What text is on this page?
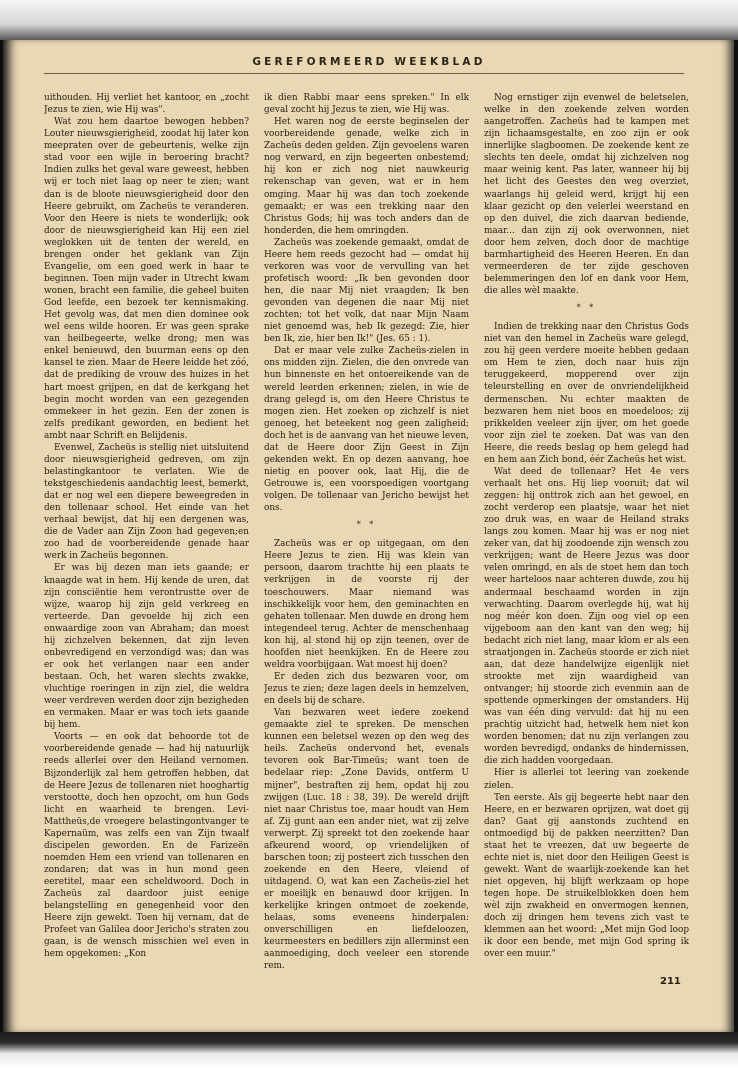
GEREFORMEERD WEEKBLAD

uithouden. Hij verliet het kantoor, en „zocht Jezus te zien, wie Hij was".

Wat zou hem daartoe bewogen hebben? Louter nieuwsgierigheid, zoodat hij later kon meepraten over de gebeurtenis, welke zijn stad voor een wijle in beroering bracht? Indien zulks het geval ware geweest, hebben wij er toch niet laag op neer te zien; want dan is de bloote nieuwsgierigheid door den Heere gebruikt, om Zacheüs te veranderen. Voor den Heere is niets te wonderlijk; ook door de nieuwsgierigheid kan Hij een ziel weglokken uit de tenten der wereld, en brengen onder het geklank van Zijn Evangelie, om een goed werk in haar te beginnen. Toen mijn vader in Utrecht kwam wonen, bracht een familie, die geheel buiten God leefde, een bezoek ter kennismaking. Het gevolg was, dat men dien dominee ook wel eens wilde hooren. Er was geen sprake van heilbegeerte, welke drong; men was enkel benieuwd, den buurman eens op den kansel te zien. Maar de Heere leidde het zóó, dat de prediking de vrouw des huizes in het hart moest grijpen, en dat de kerkgang het begin mocht worden van een gezegenden ommekeer in het gezin. Een der zonen is zelfs predikant geworden, en bedient het ambt naar Schrift en Belijdenis.

Evenwel, Zacheüs is stellig niet uitsluitend door nieuwsgierigheid gedreven, om zijn belastingkantoor te verlaten. Wie de tekstgeschiedenis aandachtig leest, bemerkt, dat er nog wel een diepere beweegreden in den tollenaar school. Het einde van het verhaal bewijst, dat hij een dergenen was, die de Vader aan Zijn Zoon had gegeven;en zoo had de voorbereidende genade haar werk in Zacheüs begonnen.

Er was bij dezen man iets gaande; er knaagde wat in hem. Hij kende de uren, dat zijn consciëntie hem verontrustte over de wijze, waarop hij zijn geld verkreeg en verteerde. Dan gevoelde hij zich een onwaardige zoon van Abraham; dan moest hij zichzelven bekennen, dat zijn leven onbevredigend en verzondigd was; dan was er ook het verlangen naar een ander bestaan. Och, het waren slechts zwakke, vluchtige roeringen in zijn ziel, die weldra weer verdreven werden door zijn bezigheden en vermaken. Maar er was toch iets gaande bij hem.

Voorts — en ook dat behoorde tot de voorbereidende genade — had hij natuurlijk reeds allerlei over den Heiland vernomen. Bijzonderlijk zal hem getroffen hebben, dat de Heere Jezus de tollenaren niet hooghartig verstootte, doch hen opzocht, om hun Gods licht en waarheid te brengen. Levi-Mattheüs,de vroegere belastingontvanger te Kapernaüm, was zelfs een van Zijn twaalf discipelen geworden. En de Farizeën noemden Hem een vriend van tollenaren en zondaren; dat was in hun mond geen eeretitel, maar een scheldwoord. Doch in Zacheüs zal daardoor juist eenige belangstelling en genegenheid voor den Heere zijn gewekt. Toen hij vernam, dat de Profeet van Galilea door Jericho's straten zou gaan, is de wensch misschien wel even in hem opgekomen: „Kon

ik dien Rabbi maar eens spreken." In elk geval zocht hij Jezus te zien, wie Hij was.

Het waren nog de eerste beginselen der voorbereidende genade, welke zich in Zacheüs deden gelden. Zijn gevoelens waren nog verward, en zijn begeerten onbestemd; hij kon er zich nog niet nauwkeurig rekenschap van geven, wat er in hem omging. Maar hij was dan toch zoekende gemaakt; er was een trekking naar den Christus Gods; hij was toch anders dan de honderden, die hem omringden.

Zacheüs was zoekende gemaakt, omdat de Heere hem reeds gezocht had — omdat hij verkoren was voor de vervulling van het profetisch woord: „Ik ben gevonden door hen, die naar Mij niet vraagden; Ik ben gevonden van degenen die naar Mij niet zochten; tot het volk, dat naar Mijn Naam niet genoemd was, heb Ik gezegd: Zie, hier ben Ik, zie, hier ben Ik!" (Jes. 65 : 1).

Dat er maar vele zulke Zacheüs-zielen in ons midden zijn. Zielen, die den onvrede van hun binnenste en het ontoereikende van de wereld leerden erkennen; zielen, in wie de drang gelegd is, om den Heere Christus te mogen zien. Het zoeken op zichzelf is niet genoeg, het beteekent nog geen zaligheid; doch het is de aanvang van het nieuwe leven, dat de Heere door Zijn Geest in Zijn gekenden wekt. En op dezen aanvang, hoe nietig en poover ook, laat Hij, die de Getrouwe is, een voorspoedigen voortgang volgen. De tollenaar van Jericho bewijst het ons.

* *

Zacheüs was er op uitgegaan, om den Heere Jezus te zien. Hij was klein van persoon, daarom trachtte hij een plaats te verkrijgen in de voorste rij der toeschouwers. Maar niemand was inschikkelijk voor hem, den geminachten en gehaten tollenaar. Men duwde en drong hem integendeel terug. Achter de menschenhaag kon hij, al stond hij op zijn teenen, over de hoofden niet heenkijken. En de Heere zou weldra voorbijgaan. Wat moest hij doen?

Er deden zich dus bezwaren voor, om Jezus te zien; deze lagen deels in hemzelven, en deels bij de schare.

Van bezwaren weet iedere zoekend gemaakte ziel te spreken. De menschen kunnen een beletsel wezen op den weg des heils. Zacheüs ondervond het, evenals tevoren ook Bar-Timeüs; want toen de bedelaar riep: „Zone Davids, ontferm U mijner", bestraften zij hem, opdat hij zou zwijgen (Luc. 18 : 38, 39). De wereld drijft niet naar Christus toe, maar houdt van Hem af. Zij gunt aan een ander niet, wat zij zelve verwerpt. Zij spreekt tot den zoekende haar afkeurend woord, op vriendelijken of barschen toon; zij posteert zich tusschen den zoekende en den Heere, vleiend of uitdagend. O, wat kan een Zacheüs-ziel het er moeilijk en benauwd door krijgen. In kerkelijke kringen ontmoet de zoekende, helaas, soms eveneens hinderpalen: onverschilligen en liefdeloozen, keurmeesters en bedillers zijn allerminst een aanmoediging, doch veeleer een storende rem.

Nog ernstiger zijn evenwel de beletselen, welke in den zoekende zelven worden aangetroffen. Zacheüs had te kampen met zijn lichaamsgestalte, en zoo zijn er ook innerlijke slagboomen. De zoekende kent ze slechts ten deele, omdat hij zichzelven nog maar weinig kent. Pas later, wanneer hij bij het licht des Geestes den weg overziet, waarlangs hij geleid werd, krijgt hij een klaar gezicht op den velerlei weerstand en op den duivel, die zich daarvan bediende, maar... dan zijn zij ook overwonnen, niet door hem zelven, doch door de machtige barmhartigheid des Heeren Heeren. En dan vermeerderen de ter zijde geschoven belemmeringen den lof en dank voor Hem, die alles wèl maakte.

* *

Indien de trekking naar den Christus Gods niet van den hemel in Zacheüs ware gelegd, zou hij geen verdere moeite hebben gedaan om Hem te zien, doch naar huis zijn teruggekeerd, mopperend over zijn teleurstelling en over de onvriendelijkheid dermenschen. Nu echter maakten de bezwaren hem niet boos en moedeloos; zij prikkelden veeleer zijn ijver, om het goede voor zijn ziel te zoeken. Dat was van den Heere, die reeds beslag op hem gelegd had en hem aan Zich bond, éér Zacheüs het wist.

Wat deed de tollenaar? Het 4e vers verhaalt het ons. Hij liep vooruit; dat wil zeggen: hij onttrok zich aan het gewoel, en zocht verderop een plaatsje, waar het niet zoo druk was, en waar de Heiland straks langs zou komen. Maar hij was er nog niet zeker van, dat hij zoodoende zijn wensch zou verkrijgen; want de Heere Jezus was door velen omringd, en als de stoet hem dan toch weer harteloos naar achteren duwde, zou hij andermaal beschaamd worden in zijn verwachting. Daarom overlegde hij, wat hij nog méér kon doen. Zijn oog viel op een vijgeboom aan den kant van den weg; hij bedacht zich niet lang, maar klom er als een straatjongen in. Zacheüs stoorde er zich niet aan, dat deze handelwijze eigenlijk niet strookte met zijn waardigheid van ontvanger; hij stoorde zich evenmin aan de spottende opmerkingen der omstanders. Hij was van één ding vervuld: dat hij nu een prachtig uitzicht had, hetwelk hem niet kon worden benomen; dat nu zijn verlangen zou worden bevredigd, ondanks de hindernissen, die zich hadden voorgedaan.

Hier is allerlei tot leering van zoekende zielen.

Ten eerste. Als gij begeerte hebt naar den Heere, en er bezwaren oprijzen, wat doet gij dan? Gaat gij aanstonds zuchtend en ontmoedigd bij de pakken neerzitten? Dan staat het te vreezen, dat uw begeerte de echte niet is, niet door den Heiligen Geest is gewekt. Want de waarlijk-zoekende kan het niet opgeven, hij blijft werkzaam op hope tegen hope. De struikelblokken doen hem wèl zijn zwakheid en onvermogen kennen, doch zij dringen hem tevens zich vast te klemmen aan het woord: „Met mijn God loop ik door een bende, met mijn God spring ik over een muur."

211
